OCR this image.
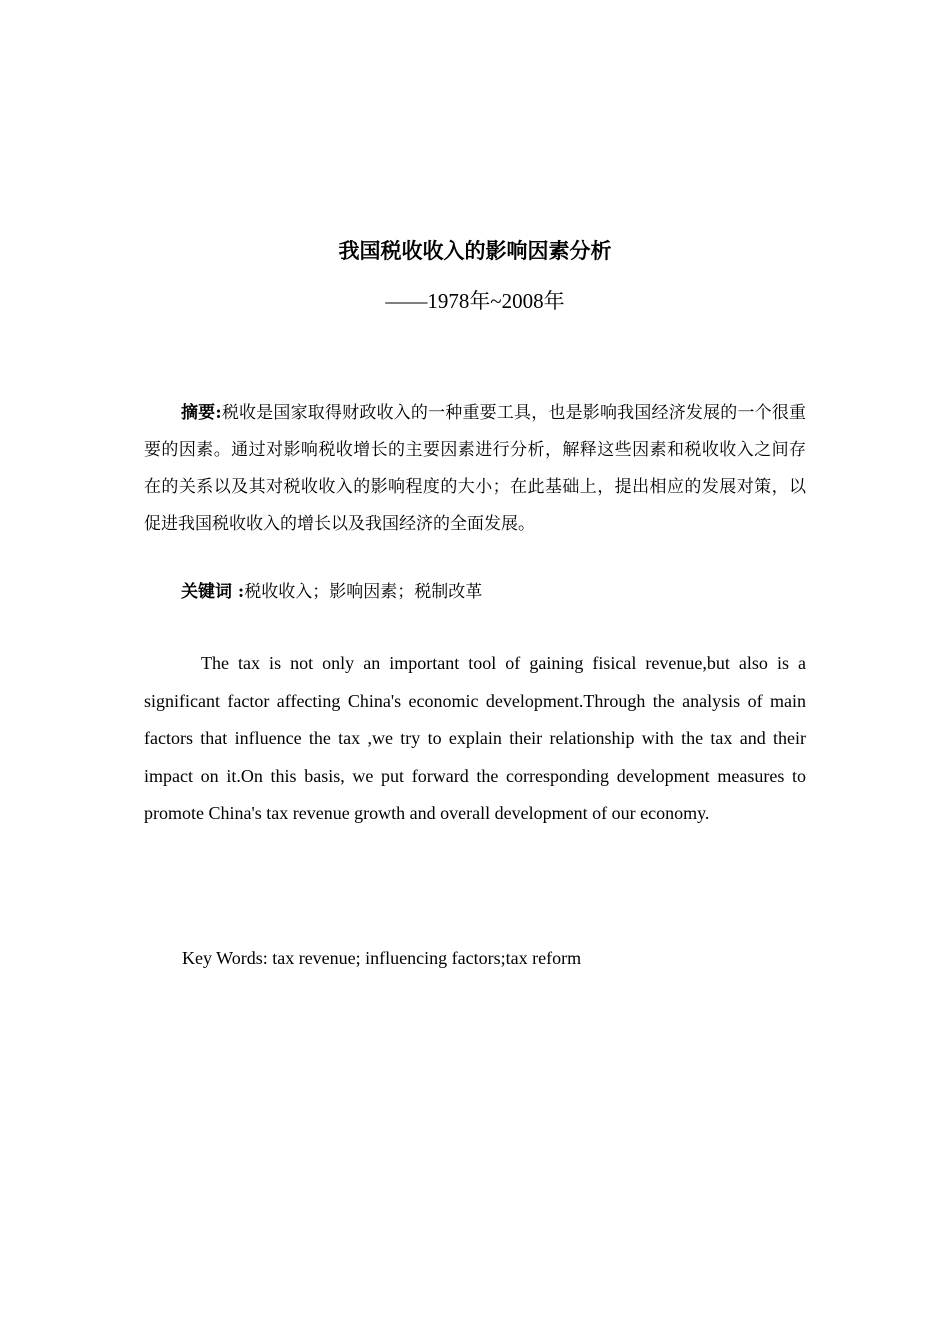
我国税收收入的影响因素分析
——1978年~2008年
摘要:税收是国家取得财政收入的一种重要工具，也是影响我国经济发展的一个很重要的因素。通过对影响税收增长的主要因素进行分析，解释这些因素和税收收入之间存在的关系以及其对税收收入的影响程度的大小；在此基础上，提出相应的发展对策，以促进我国税收收入的增长以及我国经济的全面发展。
关键词 :税收收入；影响因素；税制改革
The tax is not only an important tool of gaining fisical revenue,but also is a significant factor affecting China's economic development.Through the analysis of main factors that influence the tax ,we try to explain their relationship with the tax and their impact on it.On this basis, we put forward the corresponding development measures to promote China's tax revenue growth and overall development of our economy.
Key Words: tax revenue; influencing factors;tax reform
